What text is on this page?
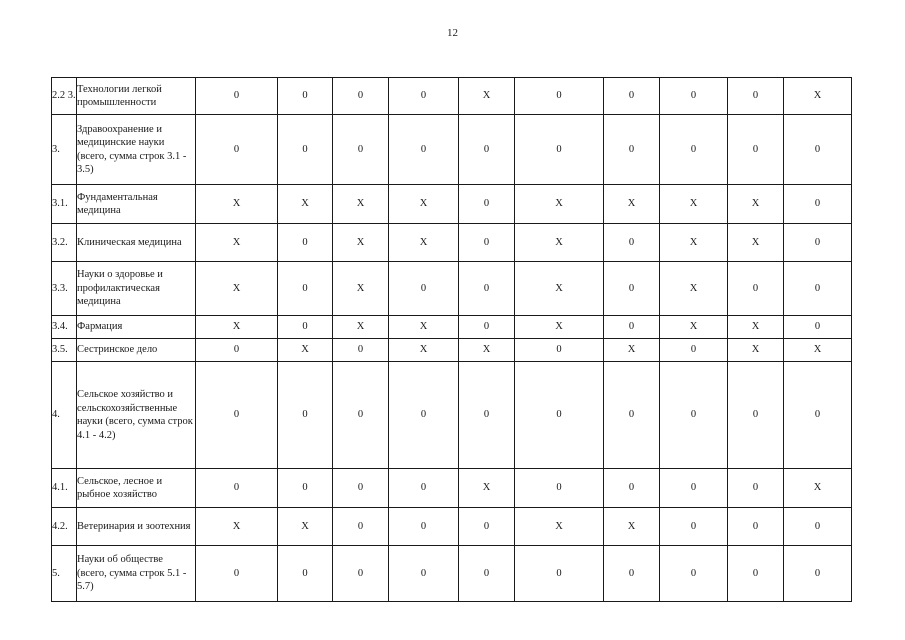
12
2.2 3.	Технологии легкой промышленности	0	0	0	0	X	0	0	0	0	X
3.	Здравоохранение и медицинские науки (всего, сумма строк 3.1 - 3.5)	0	0	0	0	0	0	0	0	0	0
3.1.	Фундаментальная медицина	X	X	X	X	0	X	X	X	X	0
3.2.	Клиническая медицина	X	0	X	X	0	X	0	X	X	0
3.3.	Науки о здоровье и профилактическая медицина	X	0	X	0	0	X	0	X	0	0
3.4.	Фармация	X	0	X	X	0	X	0	X	X	0
3.5.	Сестринское дело	0	X	0	X	X	0	X	0	X	X
4.	Сельское хозяйство и сельскохозяйственные науки (всего, сумма строк 4.1 - 4.2)	0	0	0	0	0	0	0	0	0	0
4.1.	Сельское, лесное и рыбное хозяйство	0	0	0	0	X	0	0	0	0	X
4.2.	Ветеринария и зоотехния	X	X	0	0	0	X	X	0	0	0
5.	Науки об обществе (всего, сумма строк 5.1 - 5.7)	0	0	0	0	0	0	0	0	0	0
